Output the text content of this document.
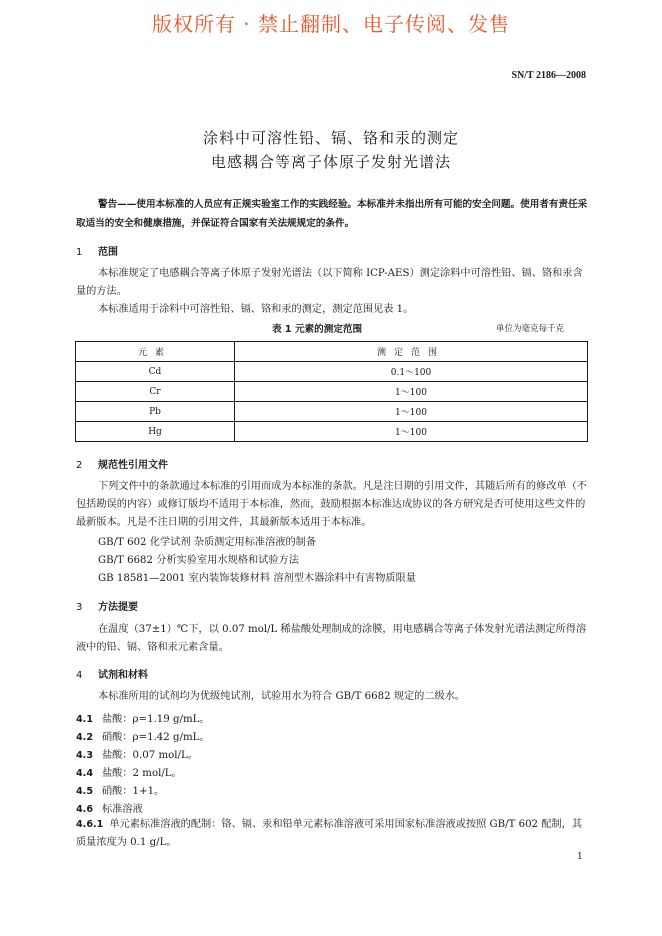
版权所有 · 禁止翻制、电子传阅、发售
SN/T 2186—2008
涂料中可溶性铅、镉、铬和汞的测定
电感耦合等离子体原子发射光谱法
警告——使用本标准的人员应有正规实验室工作的实践经验。本标准并未指出所有可能的安全问题。使用者有责任采取适当的安全和健康措施，并保证符合国家有关法规规定的条件。
1 范围
本标准规定了电感耦合等离子体原子发射光谱法（以下简称 ICP-AES）测定涂料中可溶性铅、镉、铬和汞含量的方法。
本标准适用于涂料中可溶性铅、镉、铬和汞的测定，测定范围见表 1。
表 1 元素的测定范围	单位为毫克每千克
元素	测定范围
Cd	0.1～100
Cr	1～100
Pb	1～100
Hg	1～100
2 规范性引用文件
下列文件中的条款通过本标准的引用而成为本标准的条款。凡是注日期的引用文件，其随后所有的修改单（不包括勘误的内容）或修订版均不适用于本标准，然而，鼓励根据本标准达成协议的各方研究是否可使用这些文件的最新版本。凡是不注日期的引用文件，其最新版本适用于本标准。
GB/T 602 化学试剂 杂质测定用标准溶液的制备
GB/T 6682 分析实验室用水规格和试验方法
GB 18581—2001 室内装饰装修材料 溶剂型木器涂料中有害物质限量
3 方法提要
在温度（37±1）℃下，以 0.07 mol/L 稀盐酸处理制成的涂膜，用电感耦合等离子体发射光谱法测定所得溶液中的铅、镉、铬和汞元素含量。
4 试剂和材料
本标准所用的试剂均为优级纯试剂，试验用水为符合 GB/T 6682 规定的二级水。
4.1 盐酸：ρ=1.19 g/mL。
4.2 硝酸：ρ=1.42 g/mL。
4.3 盐酸：0.07 mol/L。
4.4 盐酸：2 mol/L。
4.5 硝酸：1+1。
4.6 标准溶液
4.6.1 单元素标准溶液的配制：铬、镉、汞和铅单元素标准溶液可采用国家标准溶液或按照 GB/T 602 配制，其质量浓度为 0.1 g/L。
1
